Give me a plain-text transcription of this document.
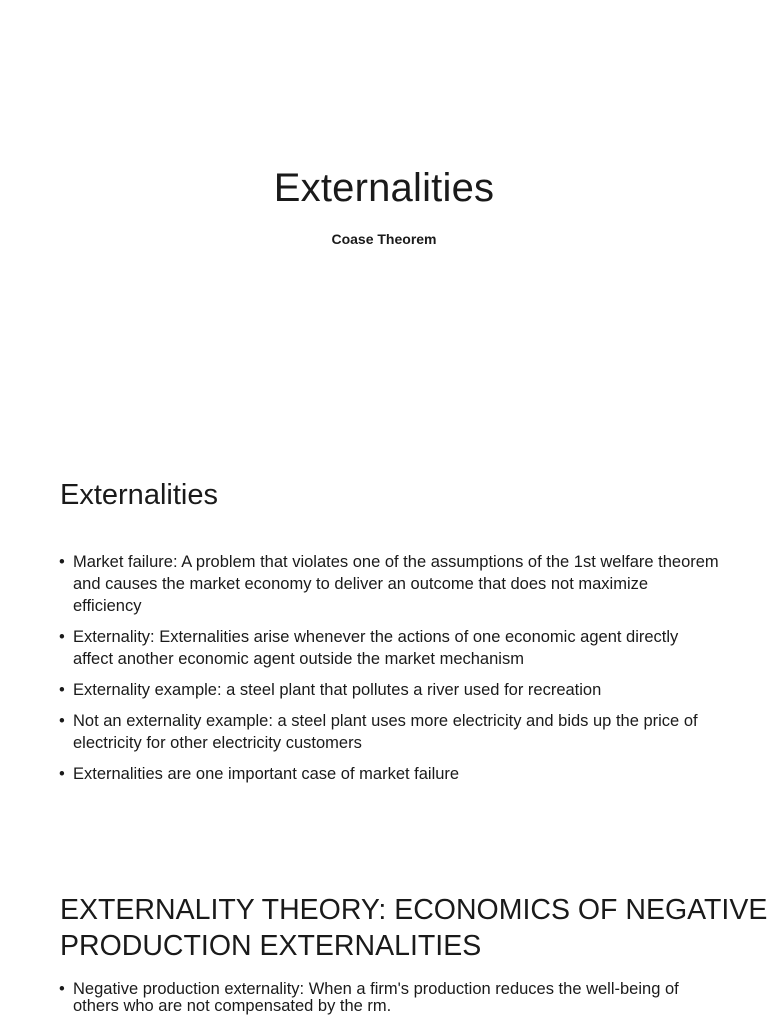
Externalities
Coase Theorem
Externalities
• Market failure: A problem that violates one of the assumptions of the 1st welfare theorem and causes the market economy to deliver an outcome that does not maximize efficiency
• Externality: Externalities arise whenever the actions of one economic agent directly affect another economic agent outside the market mechanism
• Externality example: a steel plant that pollutes a river used for recreation
• Not an externality example: a steel plant uses more electricity and bids up the price of electricity for other electricity customers
• Externalities are one important case of market failure
EXTERNALITY THEORY: ECONOMICS OF NEGATIVE PRODUCTION EXTERNALITIES
• Negative production externality: When a firm's production reduces the well-being of others who are not compensated by the rm.
